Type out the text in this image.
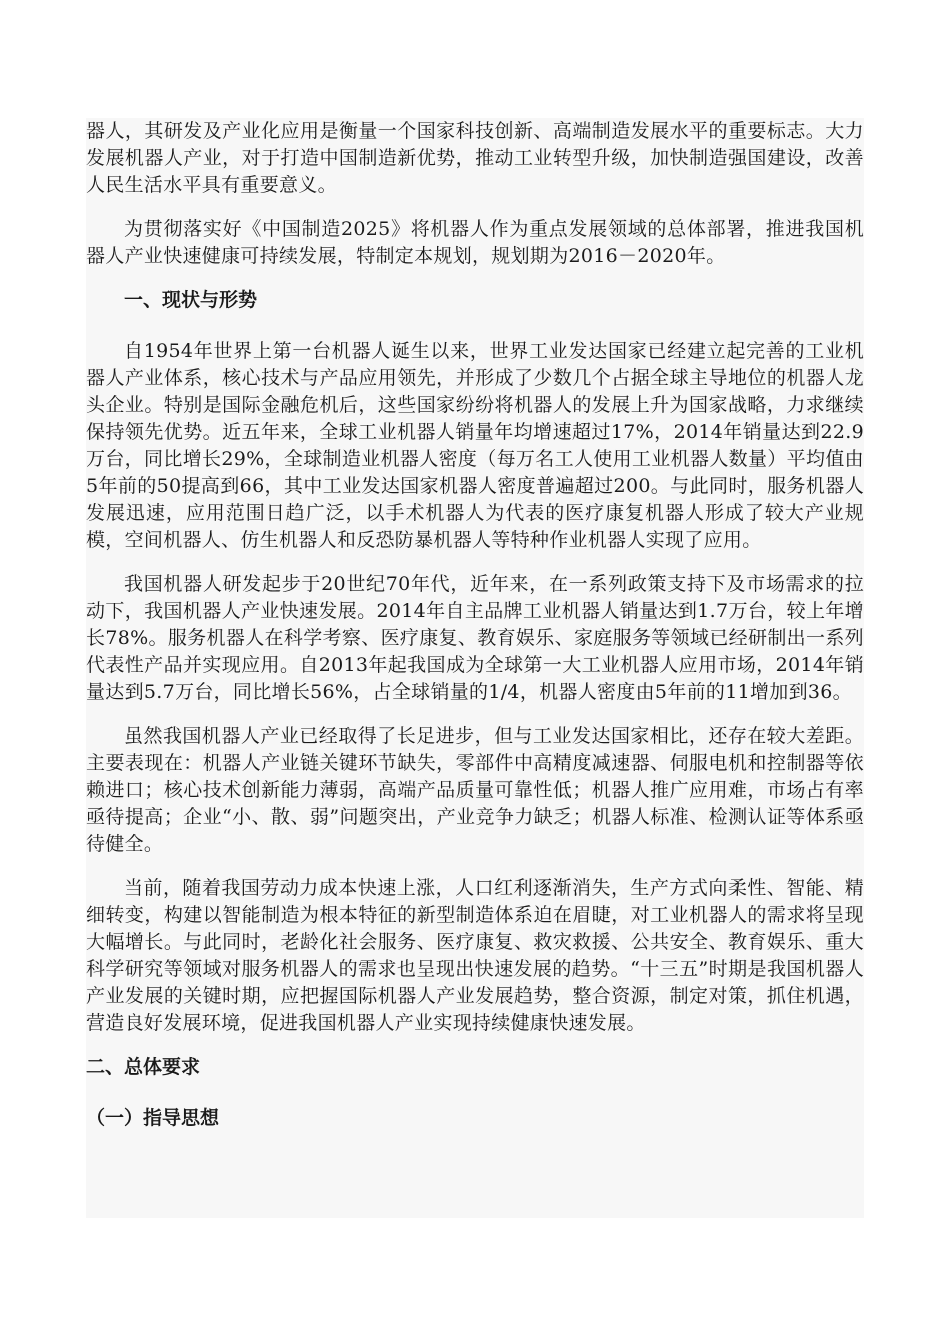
器人，其研发及产业化应用是衡量一个国家科技创新、高端制造发展水平的重要标志。大力发展机器人产业，对于打造中国制造新优势，推动工业转型升级，加快制造强国建设，改善人民生活水平具有重要意义。

为贯彻落实好《中国制造2025》将机器人作为重点发展领域的总体部署，推进我国机器人产业快速健康可持续发展，特制定本规划，规划期为2016－2020年。

一、现状与形势

自1954年世界上第一台机器人诞生以来，世界工业发达国家已经建立起完善的工业机器人产业体系，核心技术与产品应用领先，并形成了少数几个占据全球主导地位的机器人龙头企业。特别是国际金融危机后，这些国家纷纷将机器人的发展上升为国家战略，力求继续保持领先优势。近五年来，全球工业机器人销量年均增速超过17%，2014年销量达到22.9万台，同比增长29%，全球制造业机器人密度（每万名工人使用工业机器人数量）平均值由5年前的50提高到66，其中工业发达国家机器人密度普遍超过200。与此同时，服务机器人发展迅速，应用范围日趋广泛，以手术机器人为代表的医疗康复机器人形成了较大产业规模，空间机器人、仿生机器人和反恐防暴机器人等特种作业机器人实现了应用。

我国机器人研发起步于20世纪70年代，近年来，在一系列政策支持下及市场需求的拉动下，我国机器人产业快速发展。2014年自主品牌工业机器人销量达到1.7万台，较上年增长78%。服务机器人在科学考察、医疗康复、教育娱乐、家庭服务等领域已经研制出一系列代表性产品并实现应用。自2013年起我国成为全球第一大工业机器人应用市场，2014年销量达到5.7万台，同比增长56%，占全球销量的1/4，机器人密度由5年前的11增加到36。

虽然我国机器人产业已经取得了长足进步，但与工业发达国家相比，还存在较大差距。主要表现在：机器人产业链关键环节缺失，零部件中高精度减速器、伺服电机和控制器等依赖进口；核心技术创新能力薄弱，高端产品质量可靠性低；机器人推广应用难，市场占有率亟待提高；企业“小、散、弱”问题突出，产业竞争力缺乏；机器人标准、检测认证等体系亟待健全。

当前，随着我国劳动力成本快速上涨，人口红利逐渐消失，生产方式向柔性、智能、精细转变，构建以智能制造为根本特征的新型制造体系迫在眉睫，对工业机器人的需求将呈现大幅增长。与此同时，老龄化社会服务、医疗康复、救灾救援、公共安全、教育娱乐、重大科学研究等领域对服务机器人的需求也呈现出快速发展的趋势。“十三五”时期是我国机器人产业发展的关键时期，应把握国际机器人产业发展趋势，整合资源，制定对策，抓住机遇，营造良好发展环境，促进我国机器人产业实现持续健康快速发展。

二、总体要求
（一）指导思想
